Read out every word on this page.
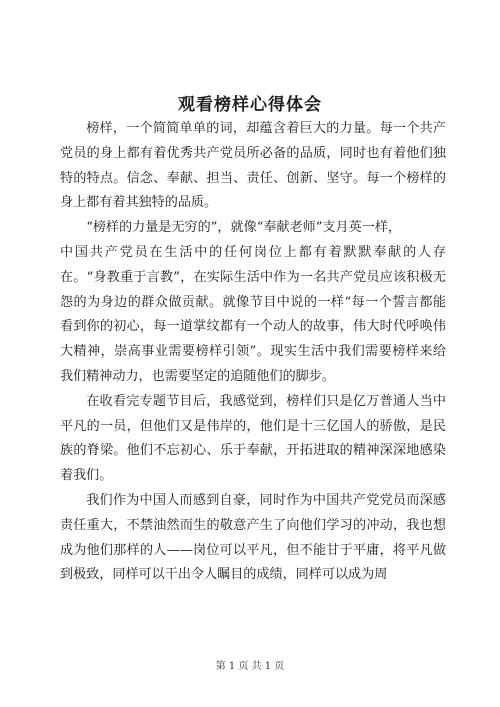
观看榜样心得体会

榜样，一个简简单单的词，却蕴含着巨大的力量。每一个共产党员的身上都有着优秀共产党员所必备的品质，同时也有着他们独特的特点。信念、奉献、担当、责任、创新、坚守。每一个榜样的身上都有着其独特的品质。

“榜样的力量是无穷的”，就像“奉献老师”支月英一样，

中国共产党员在生活中的任何岗位上都有着默默奉献的人存在。“身教重于言教”，在实际生活中作为一名共产党员应该积极无怨的为身边的群众做贡献。就像节目中说的一样“每一个誓言都能看到你的初心，每一道掌纹都有一个动人的故事，伟大时代呼唤伟大精神，崇高事业需要榜样引领”。现实生活中我们需要榜样来给我们精神动力，也需要坚定的追随他们的脚步。

在收看完专题节目后，我感觉到，榜样们只是亿万普通人当中平凡的一员，但他们又是伟岸的，他们是十三亿国人的骄傲，是民族的脊梁。他们不忘初心、乐于奉献，开拓进取的精神深深地感染着我们。

我们作为中国人而感到自豪，同时作为中国共产党党员而深感责任重大，不禁油然而生的敬意产生了向他们学习的冲动，我也想成为他们那样的人——岗位可以平凡，但不能甘于平庸，将平凡做到极致，同样可以干出令人瞩目的成绩，同样可以成为周

第 1 页 共 1 页
